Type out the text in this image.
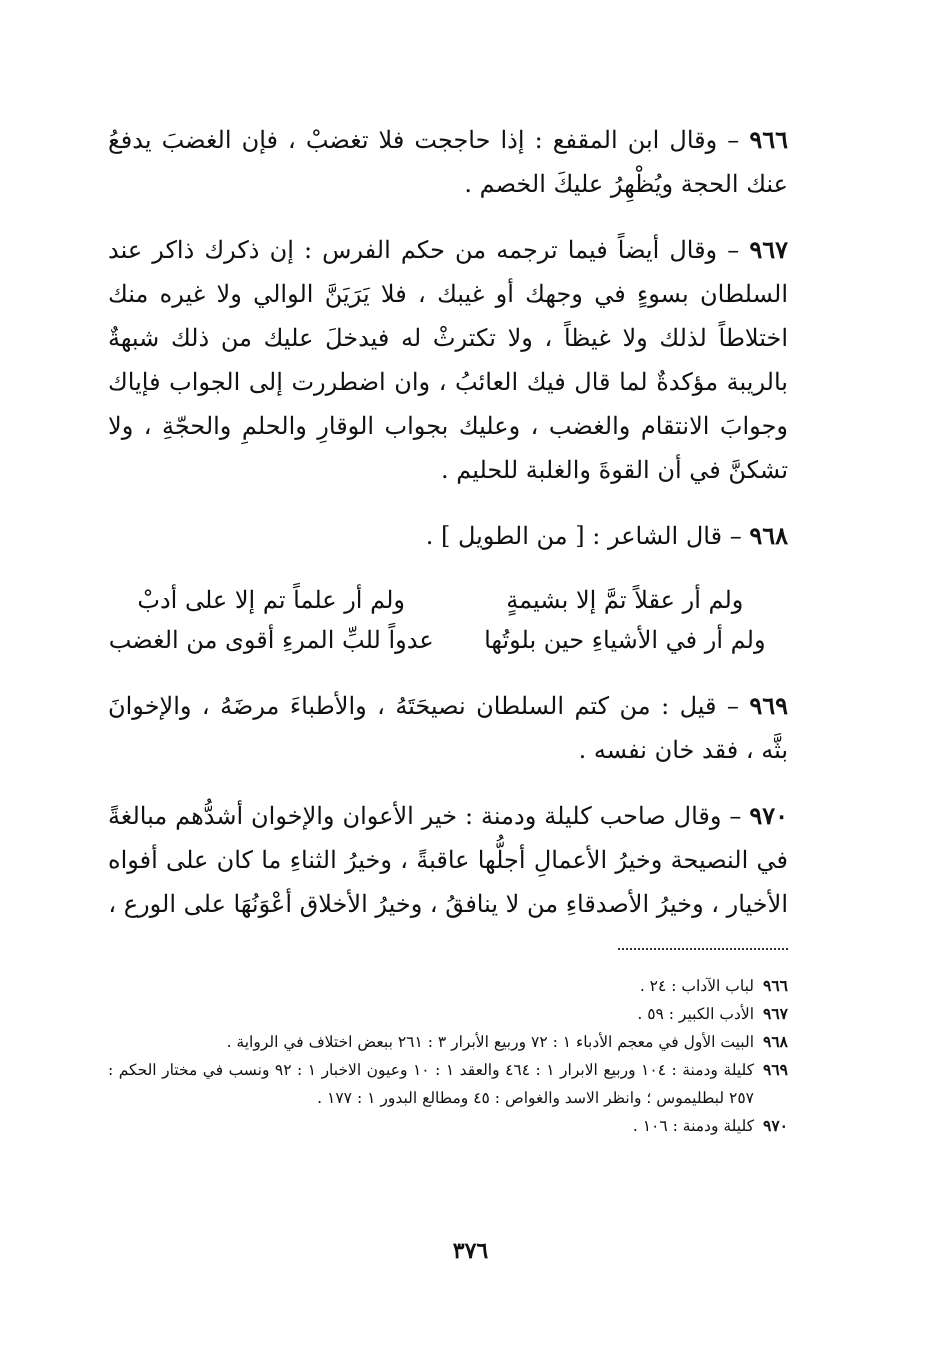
٩٦٦ – وقال ابن المقفع : إذا حاججت فلا تغضبْ ، فإن الغضبَ يدفعُ عنك الحجة ويُظْهِرُ عليكَ الخصم .

٩٦٧ – وقال أيضاً فيما ترجمه من حكم الفرس : إن ذكرك ذاكر عند السلطان بسوءٍ في وجهك أو غيبك ، فلا يَرَيَنَّ الوالي ولا غيره منك اختلاطاً لذلك ولا غيظاً ، ولا تكترثْ له فيدخلَ عليك من ذلك شبهةٌ بالريبة مؤكدةٌ لما قال فيك العائبُ ، وان اضطررت إلى الجواب فإياك وجوابَ الانتقام والغضب ، وعليك بجواب الوقارِ والحلمِ والحجّةِ ، ولا تشكنَّ في أن القوةَ والغلبة للحليم .

٩٦٨ – قال الشاعر : [ من الطويل ] .

ولم أر عقلاً تمَّ إلا بشيمةٍ
ولم أر علماً تم إلا على أدبْ
ولم أر في الأشياءِ حين بلوتُها
عدواً للبِّ المرءِ أقوى من الغضب

٩٦٩ – قيل : من كتم السلطان نصيحَتَهُ ، والأطباءَ مرضَهُ ، والإخوانَ بثَّه ، فقد خان نفسه .

٩٧٠ – وقال صاحب كليلة ودمنة : خير الأعوان والإخوان أشدُّهم مبالغةً في النصيحة وخيرُ الأعمالِ أجلُّها عاقبةً ، وخيرُ الثناءِ ما كان على أفواه الأخيار ، وخيرُ الأصدقاءِ من لا ينافقُ ، وخيرُ الأخلاق أعْوَنُهَا على الورع ،

٩٦٦
لباب الآداب : ٢٤ .
٩٦٧
الأدب الكبير : ٥٩ .
٩٦٨
البيت الأول في معجم الأدباء ١ : ٧٢ وربيع الأبرار ٣ : ٢٦١ ببعض اختلاف في الرواية .
٩٦٩
كليلة ودمنة : ١٠٤ وربيع الابرار ١ : ٤٦٤ والعقد ١ : ١٠ وعيون الاخبار ١ : ٩٢ ونسب في مختار الحكم : ٢٥٧ لبطليموس ؛ وانظر الاسد والغواص : ٤٥ ومطالع البدور ١ : ١٧٧ .
٩٧٠
كليلة ودمنة : ١٠٦ .
٣٧٦
